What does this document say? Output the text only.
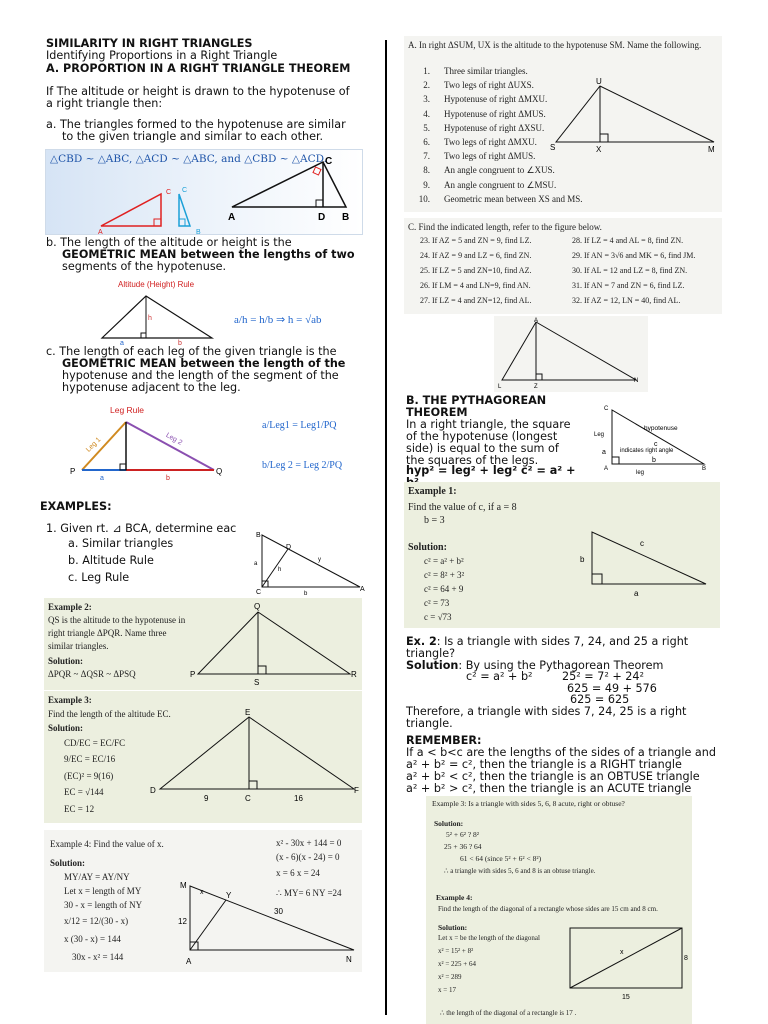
SIMILARITY IN RIGHT TRIANGLES
Identifying Proportions in a Right Triangle
A. PROPORTION IN A RIGHT TRIANGLE THEOREM
If The altitude or height is drawn to the hypotenuse of
a right triangle then:
a. The triangles formed to the hypotenuse are similar
to the given triangle and similar to each other.
△CBD ~ △ABC, △ACD ~ △ABC, and △CBD ~ △ACD.
A
C C
B
A	D B
C
b. The length of the altitude or height is the
GEOMETRIC MEAN between the lengths of two
segments of the hypotenuse.
Altitude (Height) Rule
h
a	b
a/h = h/b ⇒ h = √ab
c. The length of each leg of the given triangle is the
GEOMETRIC MEAN between the length of the
hypotenuse and the length of the segment of the
hypotenuse adjacent to the leg.
Leg Rule
P	Q
Leg 1	Leg 2
a	b
a/Leg1 = Leg1/PQ
b/Leg 2 = Leg 2/PQ
EXAMPLES:
1. Given rt. ⊿ BCA, determine eac
a. Similar triangles
b. Altitude Rule
c. Leg Rule
B
C	A
D
a
b
h
y
Example 2:
QS is the altitude to the hypotenuse in
right triangle ΔPQR. Name three
similar triangles.
Solution:
ΔPQR ~ ΔQSR ~ ΔPSQ
Q
P	R
S
Example 3:
Find the length of the altitude EC.
Solution:
CD/EC = EC/FC
9/EC = EC/16
(EC)² = 9(16)
EC = √144
EC = 12
E
D
C
F
9	16
Example 4: Find the value of x.
Solution:
MY/AY = AY/NY
Let x = length of MY
30 - x = length of NY
x/12 = 12/(30 - x)
x (30 - x) = 144
30x - x² = 144
x² - 30x + 144 = 0
(x - 6)(x - 24) = 0
x = 6 x = 24
∴ MY= 6 NY =24
M
A	N
Y
x
12
30
A. In right ΔSUM, UX is the altitude to the hypotenuse SM. Name the following.
1. Three similar triangles.
2. Two legs of right ΔUXS.
3. Hypotenuse of right ΔMXU.
4. Hypotenuse of right ΔMUS.
5. Hypotenuse of right ΔXSU.
6. Two legs of right ΔMXU.
7. Two legs of right ΔMUS.
8. An angle congruent to ∠XUS.
9. An angle congruent to ∠MSU.
10. Geometric mean between XS and MS.
U
S	X	M
C. Find the indicated length, refer to the figure below.
23. If AZ = 5 and ZN = 9, find LZ.	28. If LZ = 4 and AL = 8, find ZN.
24. If AZ = 9 and LZ = 6, find ZN.	29. If AN = 3√6 and MK = 6, find JM.
25. If LZ = 5 and ZN=10, find AZ.	30. If AL = 12 and LZ = 8, find ZN.
26. If LM = 4 and LN=9, find AN.	31. If AN = 7 and ZN = 6, find LZ.
27. If LZ = 4 and ZN=12, find AL.	32. If AZ = 12, LN = 40, find AL.
A
L	Z
N
B. THE PYTHAGOREAN
THEOREM
In a right triangle, the square
of the hypotenuse (longest
side) is equal to the sum of
the squares of the legs.
hyp² = leg² + leg² c² = a² +
hypotenuse
indicates right angle
Leg
leg
c
a
b
C
A	B
Example 1:
Find the value of c, if a = 8
b = 3
Solution:
c² = a² + b²
c² = 8² + 3²
c² = 64 + 9
c² = 73
c = √73
b
c
a
Ex. 2: Is a triangle with sides 7, 24, and 25 a right
triangle?
Solution: By using the Pythagorean Theorem
c² = a² + b²	25² = 7² + 24²
625 = 49 + 576
625 = 625
Therefore, a triangle with sides 7, 24, 25 is a right
triangle.
REMEMBER:
If a < b<c are the lengths of the sides of a triangle and
a² + b² = c², then the triangle is a RIGHT triangle
a² + b² < c², then the triangle is an OBTUSE triangle
a² + b² > c², then the triangle is an ACUTE triangle
Example 3: Is a triangle with sides 5, 6, 8 acute, right or obtuse?
Solution:
5² + 6² ? 8²
25 + 36 ? 64
61 < 64 (since 5² + 6² < 8²)
∴ a triangle with sides 5, 6 and 8 is an obtuse triangle.
Example 4:
Find the length of the diagonal of a rectangle whose sides are 15 cm and 8 cm.
Solution:
Let x = be the length of the diagonal
x² = 15² + 8²
x² = 225 + 64
x² = 289
x = 17
∴ the length of the diagonal of a rectangle is 17 .
x
8
15
